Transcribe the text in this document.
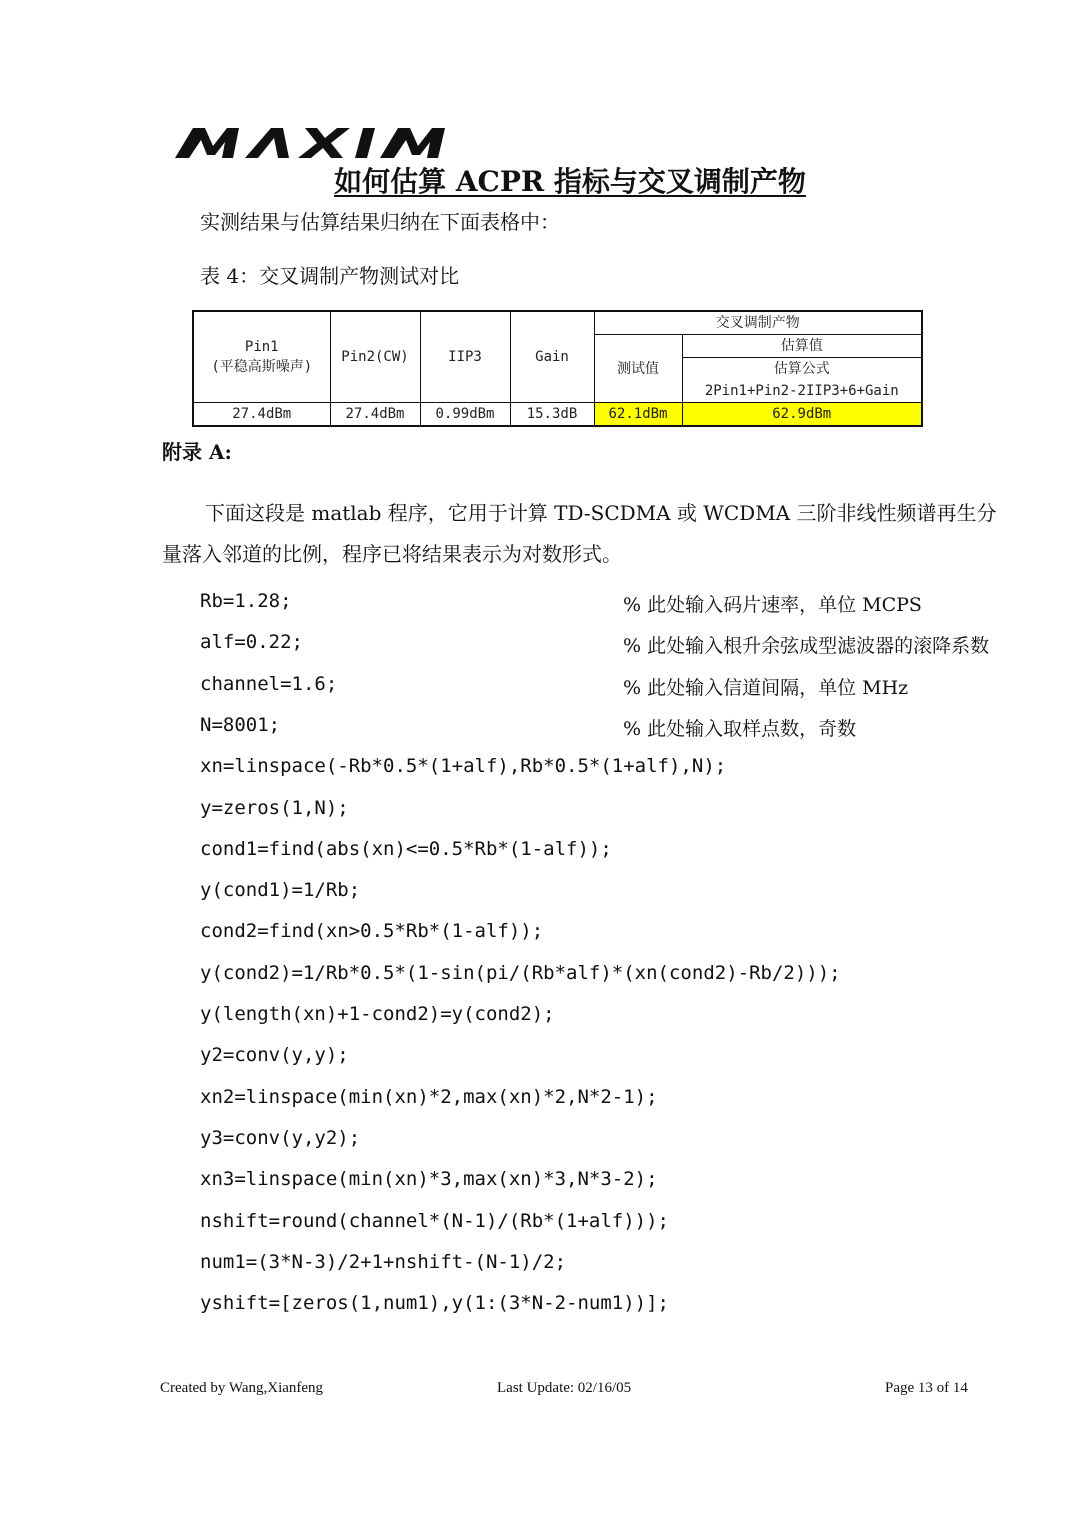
如何估算 ACPR 指标与交叉调制产物
实测结果与估算结果归纳在下面表格中：
表 4：交叉调制产物测试对比
Pin1
(平稳高斯噪声)	Pin2(CW)	IIP3	Gain	交叉调制产物	
				测试值	估算值
					估算公式
					2Pin1+Pin2-2IIP3+6+Gain
27.4dBm	27.4dBm	0.99dBm	15.3dB	62.1dBm	62.9dBm
附录 A:
下面这段是 matlab 程序，它用于计算 TD-SCDMA 或 WCDMA 三阶非线性频谱再生分
量落入邻道的比例，程序已将结果表示为对数形式。
Rb=1.28;	% 此处输入码片速率，单位 MCPS
alf=0.22;	% 此处输入根升余弦成型滤波器的滚降系数
channel=1.6;	% 此处输入信道间隔，单位 MHz
N=8001;	% 此处输入取样点数，奇数
xn=linspace(-Rb*0.5*(1+alf),Rb*0.5*(1+alf),N);
y=zeros(1,N);
cond1=find(abs(xn)<=0.5*Rb*(1-alf));
y(cond1)=1/Rb;
cond2=find(xn>0.5*Rb*(1-alf));
y(cond2)=1/Rb*0.5*(1-sin(pi/(Rb*alf)*(xn(cond2)-Rb/2)));
y(length(xn)+1-cond2)=y(cond2);
y2=conv(y,y);
xn2=linspace(min(xn)*2,max(xn)*2,N*2-1);
y3=conv(y,y2);
xn3=linspace(min(xn)*3,max(xn)*3,N*3-2);
nshift=round(channel*(N-1)/(Rb*(1+alf)));
num1=(3*N-3)/2+1+nshift-(N-1)/2;
yshift=[zeros(1,num1),y(1:(3*N-2-num1))];
Created by Wang,Xianfeng	Last Update: 02/16/05	Page 13 of 14
